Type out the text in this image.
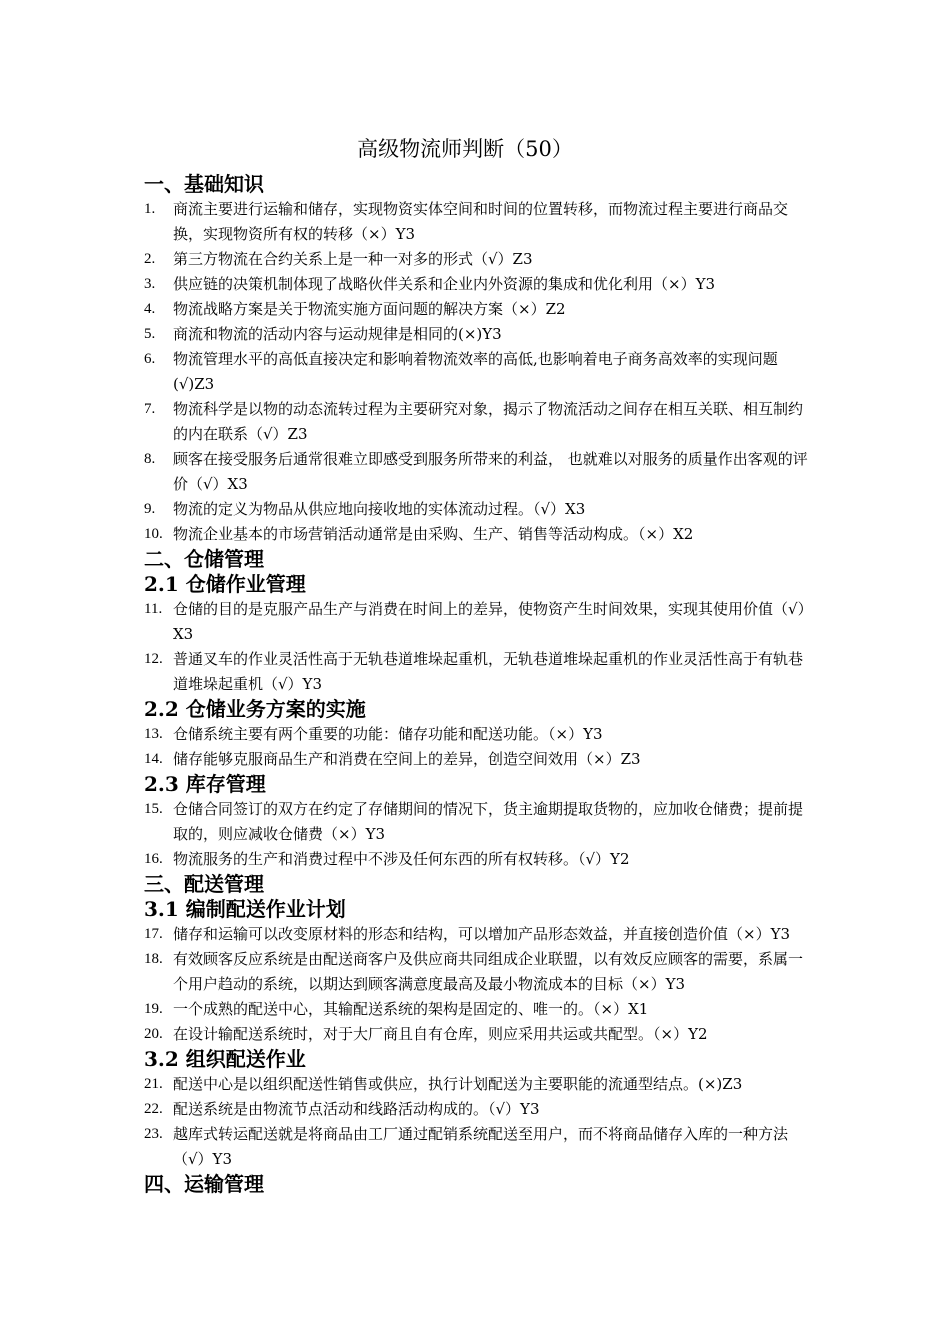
高级物流师判断（50）
一、基础知识
1.	商流主要进行运输和储存，实现物资实体空间和时间的位置转移，而物流过程主要进行商品交换，实现物资所有权的转移（×）Y3
2.	第三方物流在合约关系上是一种一对多的形式（√）Z3
3.	供应链的决策机制体现了战略伙伴关系和企业内外资源的集成和优化利用（×）Y3
4.	物流战略方案是关于物流实施方面问题的解决方案（×）Z2
5.	商流和物流的活动内容与运动规律是相同的(×)Y3
6.	物流管理水平的高低直接决定和影响着物流效率的高低,也影响着电子商务高效率的实现问题(√)Z3
7.	物流科学是以物的动态流转过程为主要研究对象，揭示了物流活动之间存在相互关联、相互制约的内在联系（√）Z3
8.	顾客在接受服务后通常很难立即感受到服务所带来的利益， 也就难以对服务的质量作出客观的评价（√）X3
9.	物流的定义为物品从供应地向接收地的实体流动过程。（√）X3
10. 物流企业基本的市场营销活动通常是由采购、生产、销售等活动构成。（×）X2
二、仓储管理
2.1 仓储作业管理
11. 仓储的目的是克服产品生产与消费在时间上的差异，使物资产生时间效果，实现其使用价值（√）X3
12. 普通叉车的作业灵活性高于无轨巷道堆垛起重机，无轨巷道堆垛起重机的作业灵活性高于有轨巷道堆垛起重机（√）Y3
2.2 仓储业务方案的实施
13. 仓储系统主要有两个重要的功能：储存功能和配送功能。（×）Y3
14. 储存能够克服商品生产和消费在空间上的差异，创造空间效用（×）Z3
2.3 库存管理
15. 仓储合同签订的双方在约定了存储期间的情况下，货主逾期提取货物的，应加收仓储费；提前提取的，则应减收仓储费（×）Y3
16. 物流服务的生产和消费过程中不涉及任何东西的所有权转移。（√）Y2
三、配送管理
3.1 编制配送作业计划
17. 储存和运输可以改变原材料的形态和结构，可以增加产品形态效益，并直接创造价值（×）Y3
18. 有效顾客反应系统是由配送商客户及供应商共同组成企业联盟，以有效反应顾客的需要，系属一个用户趋动的系统，以期达到顾客满意度最高及最小物流成本的目标（×）Y3
19. 一个成熟的配送中心，其输配送系统的架构是固定的、唯一的。（×）X1
20. 在设计输配送系统时，对于大厂商且自有仓库，则应采用共运或共配型。（×）Y2
3.2 组织配送作业
21. 配送中心是以组织配送性销售或供应，执行计划配送为主要职能的流通型结点。(×)Z3
22. 配送系统是由物流节点活动和线路活动构成的。（√）Y3
23. 越库式转运配送就是将商品由工厂通过配销系统配送至用户，而不将商品储存入库的一种方法（√）Y3
四、运输管理
